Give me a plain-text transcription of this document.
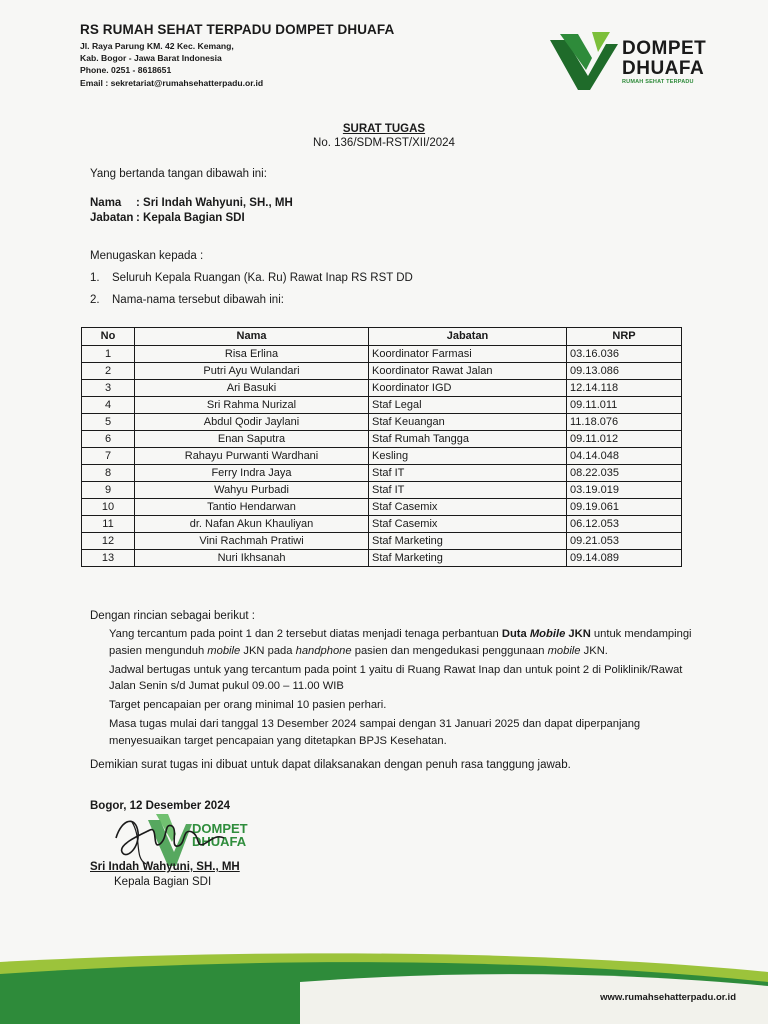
RS RUMAH SEHAT TERPADU DOMPET DHUAFA
Jl. Raya Parung KM. 42 Kec. Kemang,
Kab. Bogor - Jawa Barat Indonesia
Phone. 0251 - 8618651
Email : sekretariat@rumahsehatterpadu.or.id
DOMPET
DHUAFA
RUMAH SEHAT TERPADU
SURAT TUGAS
No. 136/SDM-RST/XII/2024
Yang bertanda tangan dibawah ini:
Nama : Sri Indah Wahyuni, SH., MH
Jabatan : Kepala Bagian SDI
Menugaskan kepada :
1. Seluruh Kepala Ruangan (Ka. Ru) Rawat Inap RS RST DD
2. Nama-nama tersebut dibawah ini:
No	Nama	Jabatan	NRP
1	Risa Erlina	Koordinator Farmasi	03.16.036
2	Putri Ayu Wulandari	Koordinator Rawat Jalan	09.13.086
3	Ari Basuki	Koordinator IGD	12.14.118
4	Sri Rahma Nurizal	Staf Legal	09.11.011
5	Abdul Qodir Jaylani	Staf Keuangan	11.18.076
6	Enan Saputra	Staf Rumah Tangga	09.11.012
7	Rahayu Purwanti Wardhani	Kesling	04.14.048
8	Ferry Indra Jaya	Staf IT	08.22.035
9	Wahyu Purbadi	Staf IT	03.19.019
10	Tantio Hendarwan	Staf Casemix	09.19.061
11	dr. Nafan Akun Khauliyan	Staf Casemix	06.12.053
12	Vini Rachmah Pratiwi	Staf Marketing	09.21.053
13	Nuri Ikhsanah	Staf Marketing	09.14.089
Dengan rincian sebagai berikut :

Yang tercantum pada point 1 dan 2 tersebut diatas menjadi tenaga perbantuan Duta Mobile JKN untuk mendampingi pasien mengunduh mobile JKN pada handphone pasien dan mengedukasi penggunaan mobile JKN.

Jadwal bertugas untuk yang tercantum pada point 1 yaitu di Ruang Rawat Inap dan untuk point 2 di Poliklinik/Rawat Jalan Senin s/d Jumat pukul 09.00 – 11.00 WIB

Target pencapaian per orang minimal 10 pasien perhari.

Masa tugas mulai dari tanggal 13 Desember 2024 sampai dengan 31 Januari 2025 dan dapat diperpanjang menyesuaikan target pencapaian yang ditetapkan BPJS Kesehatan.

Demikian surat tugas ini dibuat untuk dapat dilaksanakan dengan penuh rasa tanggung jawab.
Bogor, 12 Desember 2024
DOMPET
DHUAFA
Sri Indah Wahyuni, SH., MH
Kepala Bagian SDI
www.rumahsehatterpadu.or.id
